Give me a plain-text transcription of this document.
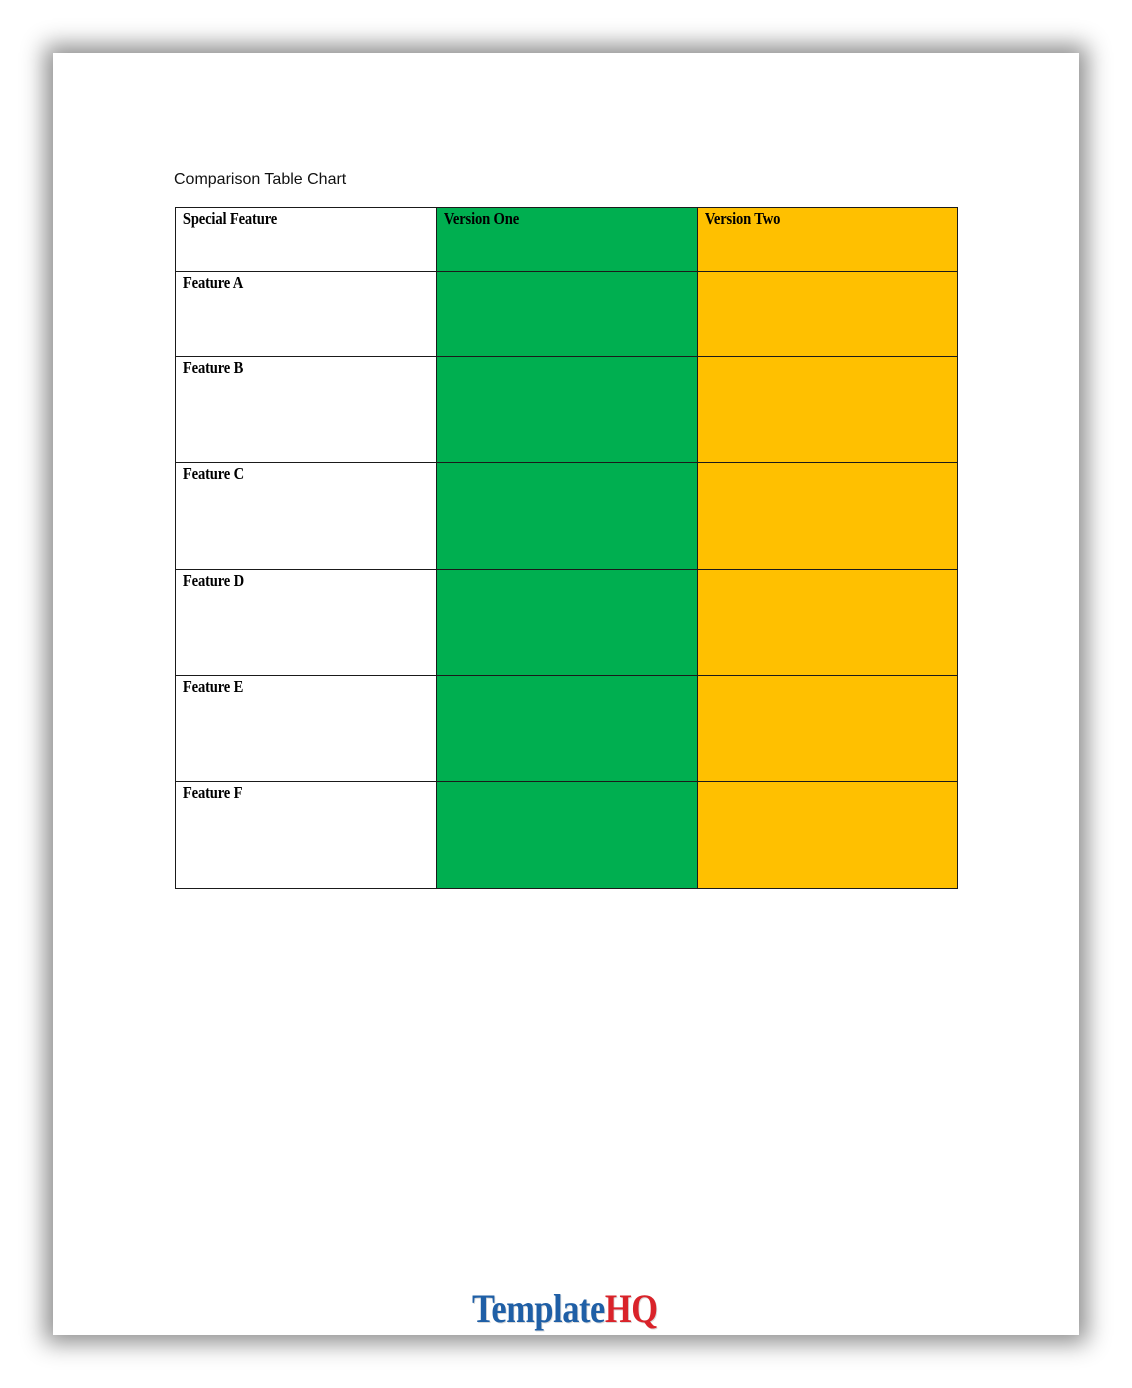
Comparison Table Chart
Special Feature	Version One	Version Two

Feature A		

Feature B		

Feature C		

Feature D		

Feature E		

Feature F		

TemplateHQ
